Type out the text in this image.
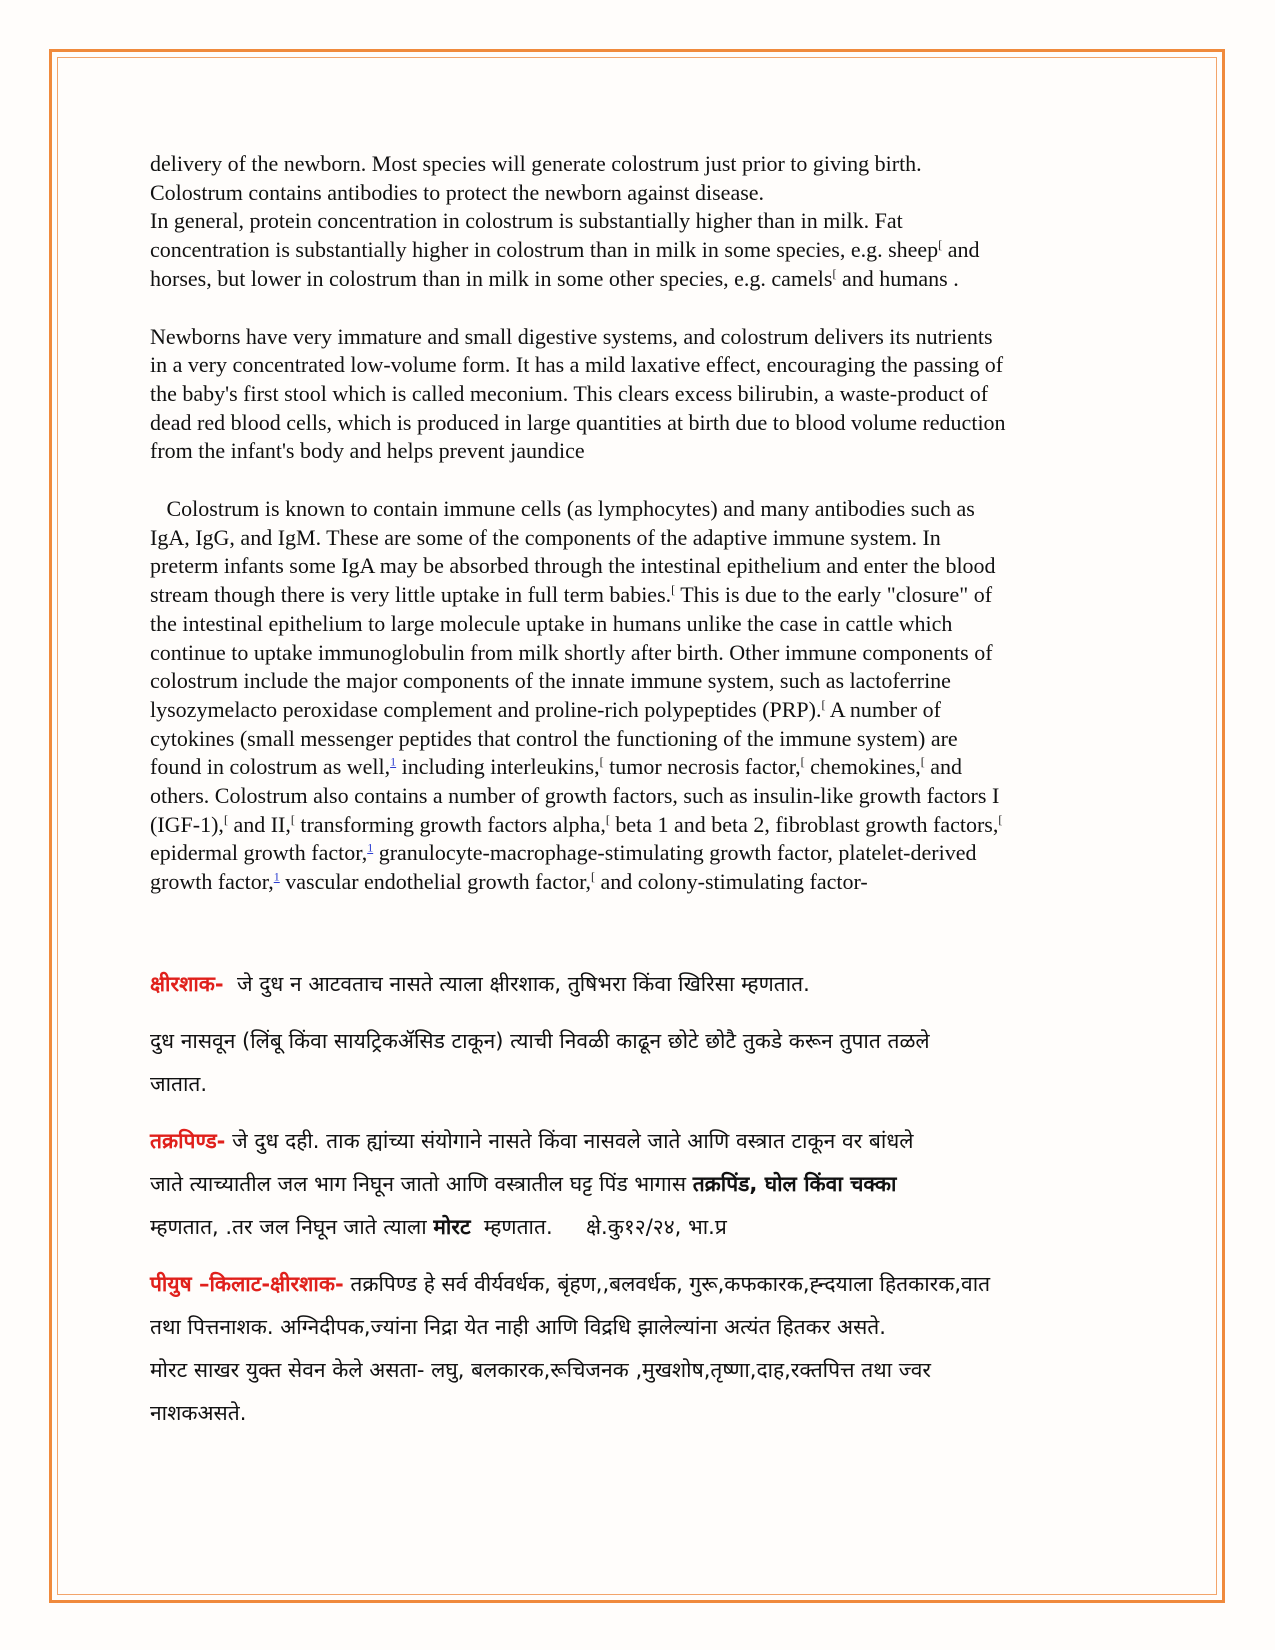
delivery of the newborn. Most species will generate colostrum just prior to giving birth.

Colostrum contains antibodies to protect the newborn against disease.

In general, protein concentration in colostrum is substantially higher than in milk. Fat

concentration is substantially higher in colostrum than in milk in some species, e.g. sheep[ and

horses, but lower in colostrum than in milk in some other species, e.g. camels[ and humans .

Newborns have very immature and small digestive systems, and colostrum delivers its nutrients

in a very concentrated low-volume form. It has a mild laxative effect, encouraging the passing of

the baby's first stool which is called meconium. This clears excess bilirubin, a waste-product of

dead red blood cells, which is produced in large quantities at birth due to blood volume reduction

from the infant's body and helps prevent jaundice

Colostrum is known to contain immune cells (as lymphocytes) and many antibodies such as

IgA, IgG, and IgM. These are some of the components of the adaptive immune system. In

preterm infants some IgA may be absorbed through the intestinal epithelium and enter the blood

stream though there is very little uptake in full term babies.[ This is due to the early "closure" of

the intestinal epithelium to large molecule uptake in humans unlike the case in cattle which

continue to uptake immunoglobulin from milk shortly after birth. Other immune components of

colostrum include the major components of the innate immune system, such as lactoferrine

lysozymelacto peroxidase complement and proline-rich polypeptides (PRP).[ A number of

cytokines (small messenger peptides that control the functioning of the immune system) are

found in colostrum as well,$^1$ including interleukins,[ tumor necrosis factor,[ chemokines,[ and

others. Colostrum also contains a number of growth factors, such as insulin-like growth factors I

(IGF-1),[ and II,[ transforming growth factors alpha,[ beta 1 and beta 2, fibroblast growth factors,[

epidermal growth factor,$^1$ granulocyte-macrophage-stimulating growth factor, platelet-derived

growth factor,$^1$ vascular endothelial growth factor,[ and colony-stimulating factor-

क्षीरशाक-  जे दुध न आटवताच नासते त्याला क्षीरशाक, तुषिभरा किंवा खिरिसा म्हणतात.

दुध नासवून (लिंबू किंवा सायट्रिकॲसिड टाकून) त्याची निवळी काढून छोटे छोटै तुकडे करून तुपात तळले

जातात.

तक्रपिण्ड- जे दुध दही. ताक ह्यांच्या संयोगाने नासते किंवा नासवले जाते आणि वस्त्रात टाकून वर बांधले

जाते त्याच्यातील जल भाग निघून जातो आणि वस्त्रातील घट्ट पिंड भागास तक्रपिंड, घोल किंवा चक्का

म्हणतात, .तर जल निघून जाते त्याला मोरट  म्हणतात.     क्षे.कु१२/२४, भा.प्र

पीयुष –किलाट-क्षीरशाक- तक्रपिण्ड हे सर्व वीर्यवर्धक, बृंहण,,बलवर्धक, गुरू,कफकारक,ह्न्दयाला हितकारक,वात

तथा पित्तनाशक. अग्निदीपक,ज्यांना निद्रा येत नाही आणि विद्रधि झालेल्यांना अत्यंत हितकर असते.

मोरट साखर युक्त सेवन केले असता- लघु, बलकारक,रूचिजनक ,मुखशोष,तृष्णा,दाह,रक्तपित्त तथा ज्वर

नाशकअसते.
